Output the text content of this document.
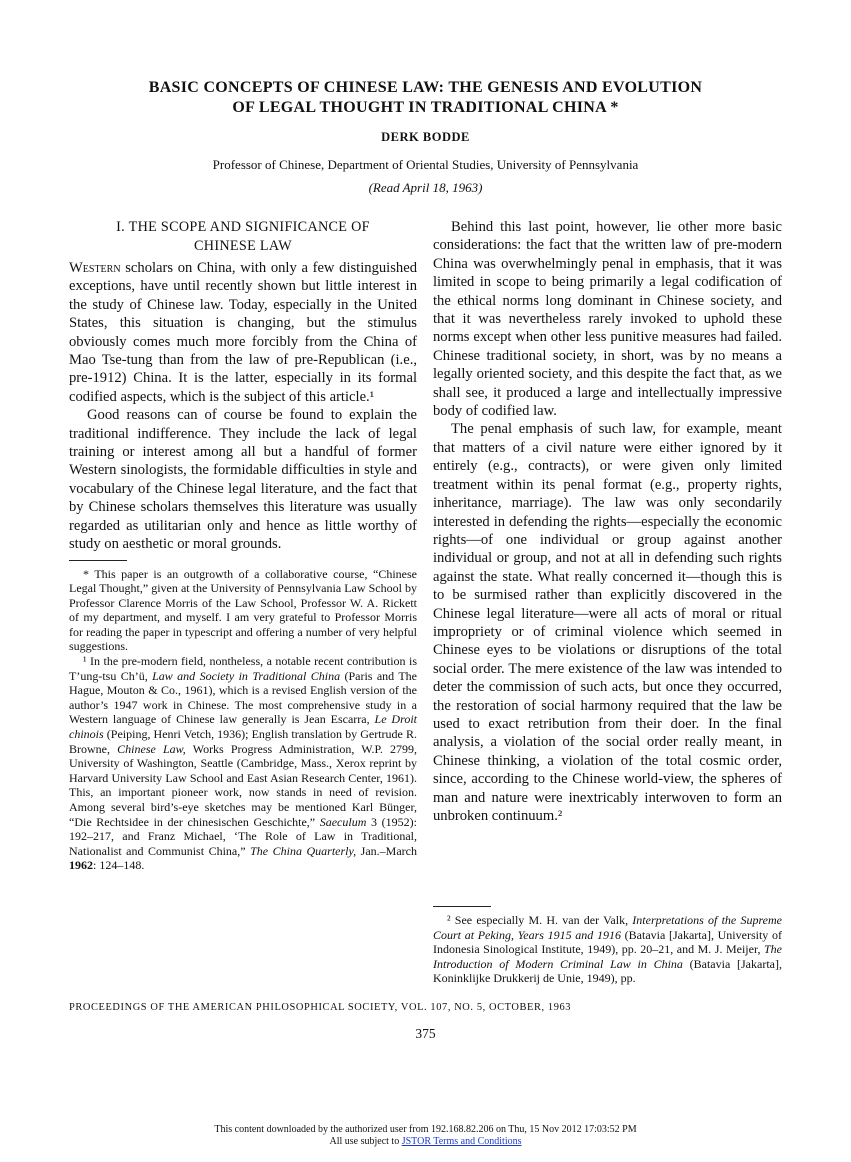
BASIC CONCEPTS OF CHINESE LAW: THE GENESIS AND EVOLUTION
OF LEGAL THOUGHT IN TRADITIONAL CHINA *
DERK BODDE
Professor of Chinese, Department of Oriental Studies, University of Pennsylvania
(Read April 18, 1963)
I. THE SCOPE AND SIGNIFICANCE OF
CHINESE LAW

Western scholars on China, with only a few distinguished exceptions, have until recently shown but little interest in the study of Chinese law. Today, especially in the United States, this situation is changing, but the stimulus obviously comes much more forcibly from the China of Mao Tse-tung than from the law of pre-Republican (i.e., pre-1912) China. It is the latter, especially in its formal codified aspects, which is the subject of this article.¹

Good reasons can of course be found to explain the traditional indifference. They include the lack of legal training or interest among all but a handful of former Western sinologists, the formidable difficulties in style and vocabulary of the Chinese legal literature, and the fact that by Chinese scholars themselves this literature was usually regarded as utilitarian only and hence as little worthy of study on aesthetic or moral grounds.

* This paper is an outgrowth of a collaborative course, “Chinese Legal Thought,” given at the University of Pennsylvania Law School by Professor Clarence Morris of the Law School, Professor W. A. Rickett of my department, and myself. I am very grateful to Professor Morris for reading the paper in typescript and offering a number of very helpful suggestions.

¹ In the pre-modern field, nontheless, a notable recent contribution is T’ung-tsu Ch’ü, Law and Society in Traditional China (Paris and The Hague, Mouton & Co., 1961), which is a revised English version of the author’s 1947 work in Chinese. The most comprehensive study in a Western language of Chinese law generally is Jean Escarra, Le Droit chinois (Peiping, Henri Vetch, 1936); English translation by Gertrude R. Browne, Chinese Law, Works Progress Administration, W.P. 2799, University of Washington, Seattle (Cambridge, Mass., Xerox reprint by Harvard University Law School and East Asian Research Center, 1961). This, an important pioneer work, now stands in need of revision. Among several bird’s-eye sketches may be mentioned Karl Bünger, “Die Rechtsidee in der chinesischen Geschichte,” Saeculum 3 (1952): 192–217, and Franz Michael, ‘The Role of Law in Traditional, Nationalist and Communist China,” The China Quarterly, Jan.–March 1962: 124–148.

Behind this last point, however, lie other more basic considerations: the fact that the written law of pre-modern China was overwhelmingly penal in emphasis, that it was limited in scope to being primarily a legal codification of the ethical norms long dominant in Chinese society, and that it was nevertheless rarely invoked to uphold these norms except when other less punitive measures had failed. Chinese traditional society, in short, was by no means a legally oriented society, and this despite the fact that, as we shall see, it produced a large and intellectually impressive body of codified law.

The penal emphasis of such law, for example, meant that matters of a civil nature were either ignored by it entirely (e.g., contracts), or were given only limited treatment within its penal format (e.g., property rights, inheritance, marriage). The law was only secondarily interested in defending the rights—especially the economic rights—of one individual or group against another individual or group, and not at all in defending such rights against the state. What really concerned it—though this is to be surmised rather than explicitly discovered in the Chinese legal literature—were all acts of moral or ritual impropriety or of criminal violence which seemed in Chinese eyes to be violations or disruptions of the total social order. The mere existence of the law was intended to deter the commission of such acts, but once they occurred, the restoration of social harmony required that the law be used to exact retribution from their doer. In the final analysis, a violation of the social order really meant, in Chinese thinking, a violation of the total cosmic order, since, according to the Chinese world-view, the spheres of man and nature were inextricably interwoven to form an unbroken continuum.²

² See especially M. H. van der Valk, Interpretations of the Supreme Court at Peking, Years 1915 and 1916 (Batavia [Jakarta], University of Indonesia Sinological Institute, 1949), pp. 20–21, and M. J. Meijer, The Introduction of Modern Criminal Law in China (Batavia [Jakarta], Koninklijke Drukkerij de Unie, 1949), pp.

PROCEEDINGS OF THE AMERICAN PHILOSOPHICAL SOCIETY, VOL. 107, NO. 5, OCTOBER, 1963
375
This content downloaded by the authorized user from 192.168.82.206 on Thu, 15 Nov 2012 17:03:52 PM
All use subject to JSTOR Terms and Conditions
